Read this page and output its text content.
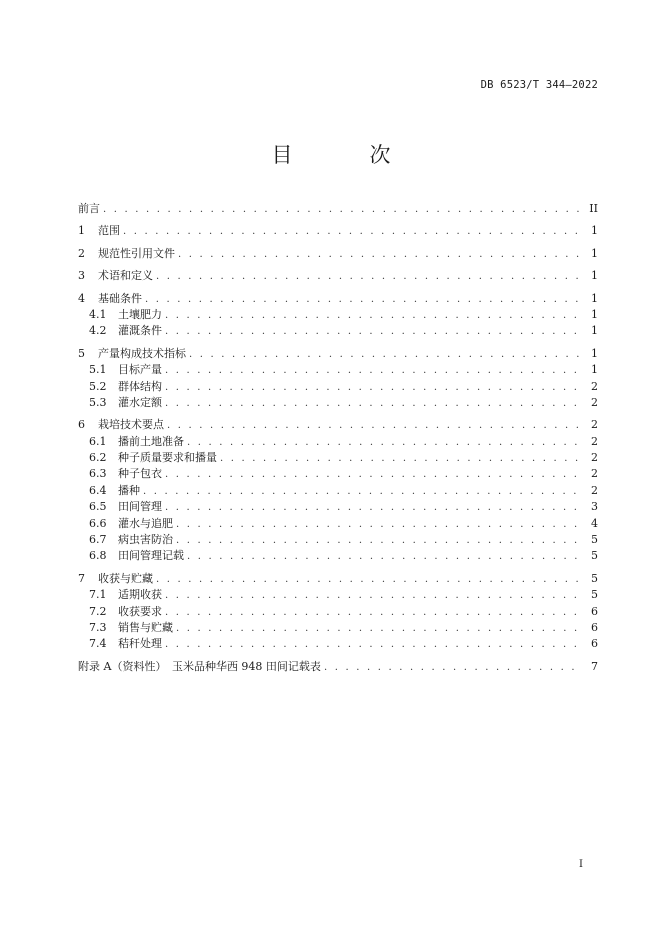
DB 6523/T 344—2022
目　次
前言 . . .	II
1 范围 . . .	1
2 规范性引用文件 . . .	1
3 术语和定义 . . .	1
4 基础条件 . . .	1
4.1 土壤肥力 . . .	1
4.2 灌溉条件 . . .	1
5 产量构成技术指标 . . .	1
5.1 目标产量 . . .	1
5.2 群体结构 . . .	2
5.3 灌水定额 . . .	2
6 栽培技术要点 . . .	2
6.1 播前土地准备 . . .	2
6.2 种子质量要求和播量 . . .	2
6.3 种子包衣 . . .	2
6.4 播种 . . .	2
6.5 田间管理 . . .	3
6.6 灌水与追肥 . . .	4
6.7 病虫害防治 . . .	5
6.8 田间管理记载 . . .	5
7 收获与贮藏 . . .	5
7.1 适期收获 . . .	5
7.2 收获要求 . . .	6
7.3 销售与贮藏 . . .	6
7.4 秸秆处理 . . .	6
附录 A（资料性）　玉米品种华西 948 田间记载表 . . .	7
I
